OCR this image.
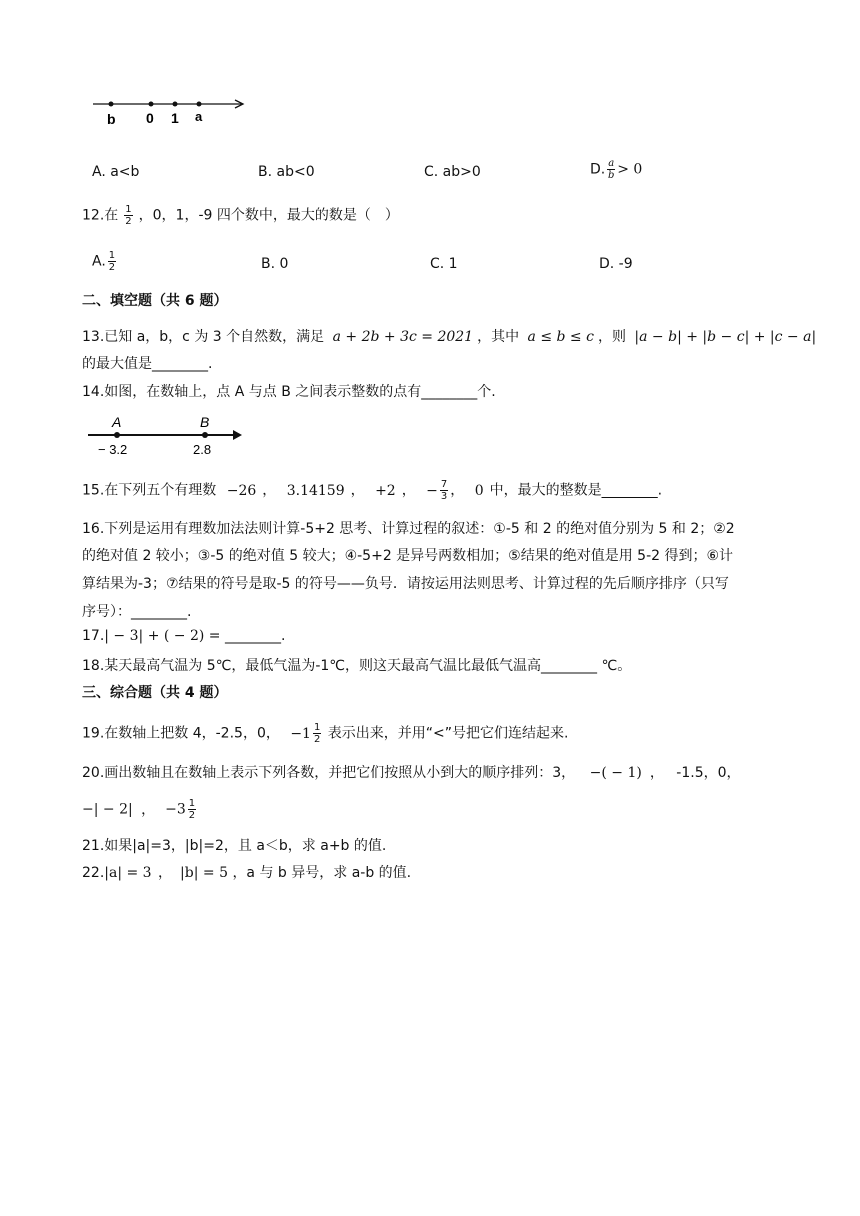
b 0 1 a
A. a<b	B. ab<0	C. ab>0	D. $\frac{a}{b} > 0$
12.在 $\frac{1}{2}$ ，0，1，-9 四个数中，最大的数是（　）
A. $\frac{1}{2}$	B. 0	C. 1	D. -9
二、填空题（共 6 题）
13.已知 a，b，c 为 3 个自然数，满足 a + 2b + 3c = 2021 ，其中 a ≤ b ≤ c ，则 |a − b| + |b − c| + |c − a|
的最大值是________.
14.如图，在数轴上，点 A 与点 B 之间表示整数的点有________个.
A	B
− 3.2	2.8
15.在下列五个有理数 −26 ， 3.14159 ， +2 ， − $\frac{7}{3}$ ， 0 中，最大的整数是________.
16.下列是运用有理数加法法则计算-5+2 思考、计算过程的叙述：①-5 和 2 的绝对值分别为 5 和 2；②2
的绝对值 2 较小；③-5 的绝对值 5 较大；④-5+2 是异号两数相加；⑤结果的绝对值是用 5-2 得到；⑥计
算结果为-3；⑦结果的符号是取-5 的符号——负号．请按运用法则思考、计算过程的先后顺序排序（只写
序号）：________.
17.| − 3| + ( − 2) = ________.
18.某天最高气温为 5℃，最低气温为-1℃，则这天最高气温比最低气温高________ ℃。
三、综合题（共 4 题）
19.在数轴上把数 4，-2.5，0， $-1 \frac{1}{2}$ 表示出来，并用“<”号把它们连结起来.
20.画出数轴且在数轴上表示下列各数，并把它们按照从小到大的顺序排列：3， −( − 1) ， -1.5，0，
−| − 2| ， $-3 \frac{1}{2}$
21.如果|a|=3，|b|=2，且 a＜b，求 a+b 的值.
22.|a| = 3 ， |b| = 5 ，a 与 b 异号，求 a-b 的值.
